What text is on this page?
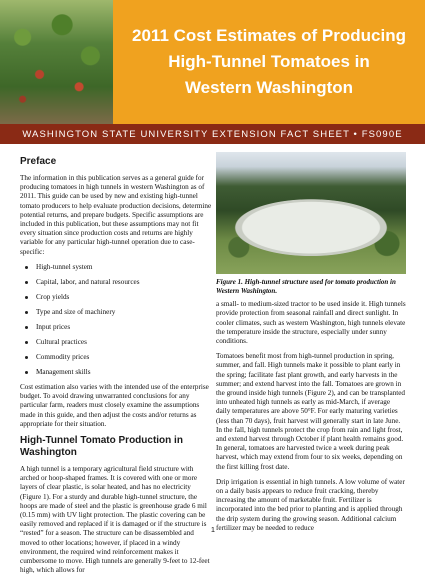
2011 Cost Estimates of Producing
High-Tunnel Tomatoes in
Western Washington
WASHINGTON STATE UNIVERSITY EXTENSION FACT SHEET • FS090E
Preface

The information in this publication serves as a general guide for producing tomatoes in high tunnels in western Washington as of 2011. This guide can be used by new and existing high-tunnel tomato producers to help evaluate production decisions, determine potential returns, and prepare budgets. Specific assumptions are included in this publication, but these assumptions may not fit every situation since production costs and returns are highly variable for any particular high-tunnel operation due to case-specific:

High-tunnel system
Capital, labor, and natural resources
Crop yields
Type and size of machinery
Input prices
Cultural practices
Commodity prices
Management skills

Cost estimation also varies with the intended use of the enterprise budget. To avoid drawing unwarranted conclusions for any particular farm, readers must closely examine the assumptions made in this guide, and then adjust the costs and/or returns as appropriate for their situation.

High-Tunnel Tomato Production in Washington

A high tunnel is a temporary agricultural field structure with arched or hoop-shaped frames. It is covered with one or more layers of clear plastic, is solar heated, and has no electricity (Figure 1). For a sturdy and durable high-tunnel structure, the hoops are made of steel and the plastic is greenhouse grade 6 mil (0.15 mm) with UV light protection. The plastic covering can be easily removed and replaced if it is damaged or if the structure is “rested” for a season. The structure can be disassembled and moved to other locations; however, if placed in a windy environment, the required wind reinforcement makes it cumbersome to move. High tunnels are generally 9-feet to 12-feet high, which allows for

Figure 1. High-tunnel structure used for tomato production in Western Washington.

a small- to medium-sized tractor to be used inside it. High tunnels provide protection from seasonal rainfall and direct sunlight. In cooler climates, such as western Washington, high tunnels elevate the temperature inside the structure, especially under sunny conditions.

Tomatoes benefit most from high-tunnel production in spring, summer, and fall. High tunnels make it possible to plant early in the spring; facilitate fast plant growth, and early harvests in the summer; and extend harvest into the fall. Tomatoes are grown in the ground inside high tunnels (Figure 2), and can be transplanted into unheated high tunnels as early as mid-March, if average daily temperatures are above 50°F. For early maturing varieties (less than 70 days), fruit harvest will generally start in late June. In the fall, high tunnels protect the crop from rain and light frost, and extend harvest through October if plant health remains good. In general, tomatoes are harvested twice a week during peak harvest, which may extend from four to six weeks, depending on the first killing frost date.

Drip irrigation is essential in high tunnels. A low volume of water on a daily basis appears to reduce fruit cracking, thereby increasing the amount of marketable fruit. Fertilizer is incorporated into the bed prior to planting and is applied through the drip system during the growing season. Additional calcium fertilizer may be needed to reduce

1
